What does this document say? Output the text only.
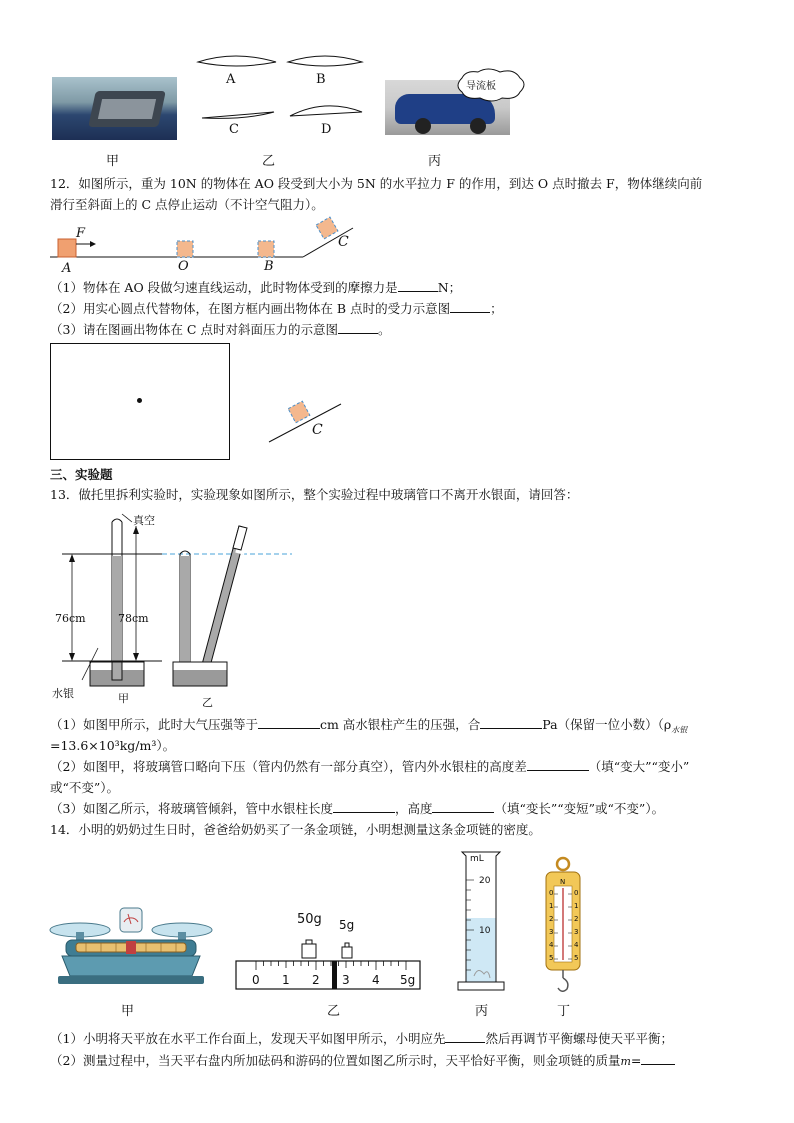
A	B
C	D
导流板
甲	乙	丙
12．如图所示，重为 10N 的物体在 AO 段受到大小为 5N 的水平拉力 F 的作用，到达 O 点时撤去 F，物体继续向前
滑行至斜面上的 C 点停止运动（不计空气阻力）。
F
A	O	B
C
（1）物体在 AO 段做匀速直线运动，此时物体受到的摩擦力是	N；
（2）用实心圆点代替物体，在图方框内画出物体在 B 点时的受力示意图	；
（3）请在图画出物体在 C 点时对斜面压力的示意图	。
C
三、实验题
13．做托里拆利实验时，实验现象如图所示，整个实验过程中玻璃管口不离开水银面，请回答：
真空
76cm	78cm
水银	甲	乙
（1）如图甲所示，此时大气压强等于	cm 高水银柱产生的压强，合	Pa（保留一位小数）（$\rho_{水银}$
=13.6×10³kg/m³）。
（2）如图甲，将玻璃管口略向下压（管内仍然有一部分真空），管内外水银柱的高度差	（填“变大”“变小”
或“不变”）。
（3）如图乙所示，将玻璃管倾斜，管中水银柱长度	，高度	（填“变长”“变短”或“不变”）。
14．小明的奶奶过生日时，爸爸给奶奶买了一条金项链，小明想测量这条金项链的密度。
50g 5g
0 1 2 3 4 5g
mL
20
10
N
0
1
2
3
4
5
0
1
2
3
4
5
甲	乙	丙	丁
（1）小明将天平放在水平工作台面上，发现天平如图甲所示，小明应先	然后再调节平衡螺母使天平平衡；
（2）测量过程中，当天平右盘内所加砝码和游码的位置如图乙所示时，天平恰好平衡，则金项链的质量m=
